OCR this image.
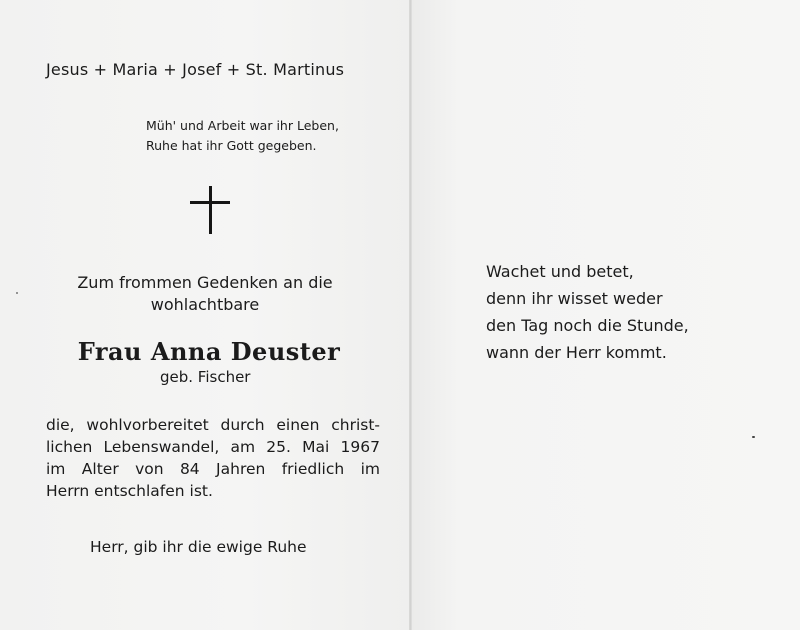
Jesus + Maria + Josef + St. Martinus

Müh' und Arbeit war ihr Leben,
Ruhe hat ihr Gott gegeben.
Zum frommen Gedenken an die
wohlachtbare

Frau Anna Deuster

geb. Fischer

die, wohlvorbereitet durch einen christ-
lichen Lebenswandel, am 25. Mai 1967
im Alter von 84 Jahren friedlich im
Herrn entschlafen ist.

Herr, gib ihr die ewige Ruhe

Wachet und betet,
denn ihr wisset weder
den Tag noch die Stunde,
wann der Herr kommt.
